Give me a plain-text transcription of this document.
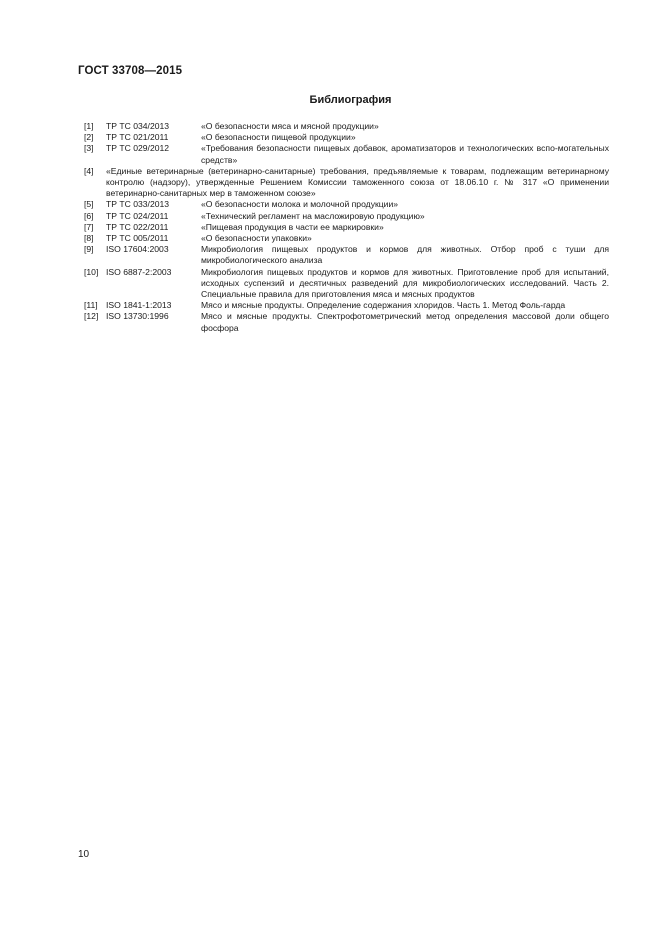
ГОСТ 33708—2015
Библиография
[1]	ТР ТС 034/2013	«О безопасности мяса и мясной продукции»
[2]	ТР ТС 021/2011	«О безопасности пищевой продукции»
[3]	ТР ТС 029/2012	«Требования безопасности пищевых добавок, ароматизаторов и технологических вспо-могательных средств»
[4]	«Единые ветеринарные (ветеринарно-санитарные) требования, предъявляемые к товарам, подлежащим ветеринарному контролю (надзору), утвержденные Решением Комиссии таможенного союза от 18.06.10 г. № 317 «О применении ветеринарно-санитарных мер в таможенном союзе»
[5]	ТР ТС 033/2013	«О безопасности молока и молочной продукции»
[6]	ТР ТС 024/2011	«Технический регламент на масложировую продукцию»
[7]	ТР ТС 022/2011	«Пищевая продукция в части ее маркировки»
[8]	ТР ТС 005/2011	«О безопасности упаковки»
[9]	ISO 17604:2003	Микробиология пищевых продуктов и кормов для животных. Отбор проб с туши для микробиологического анализа
[10] ISO 6887-2:2003	Микробиология пищевых продуктов и кормов для животных. Приготовление проб для испытаний, исходных суспензий и десятичных разведений для микробиологических исследований. Часть 2. Специальные правила для приготовления мяса и мясных продуктов
[11] ISO 1841-1:2013	Мясо и мясные продукты. Определение содержания хлоридов. Часть 1. Метод Фоль-гарда
[12] ISO 13730:1996	Мясо и мясные продукты. Спектрофотометрический метод определения массовой доли общего фосфора
10
